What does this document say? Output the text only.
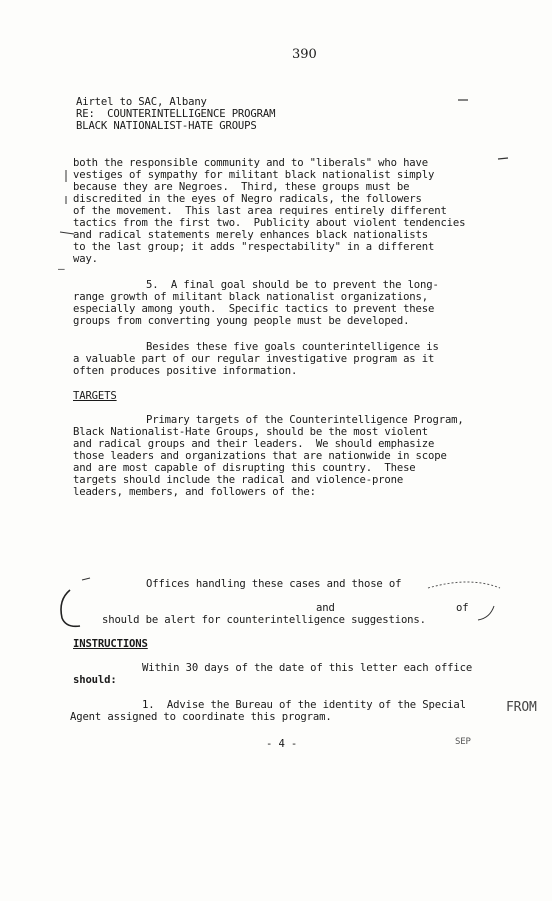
390
Airtel to SAC, Albany
RE:  COUNTERINTELLIGENCE PROGRAM
BLACK NATIONALIST-HATE GROUPS
both the responsible community and to "liberals" who have
vestiges of sympathy for militant black nationalist simply
because they are Negroes.  Third, these groups must be
discredited in the eyes of Negro radicals, the followers
of the movement.  This last area requires entirely different
tactics from the first two.  Publicity about violent tendencies
and radical statements merely enhances black nationalists
to the last group; it adds "respectability" in a different
way.
5.  A final goal should be to prevent the long-
range growth of militant black nationalist organizations,
especially among youth.  Specific tactics to prevent these
groups from converting young people must be developed.
Besides these five goals counterintelligence is
a valuable part of our regular investigative program as it
often produces positive information.
TARGETS
Primary targets of the Counterintelligence Program,
Black Nationalist-Hate Groups, should be the most violent
and radical groups and their leaders.  We should emphasize
those leaders and organizations that are nationwide in scope
and are most capable of disrupting this country.  These
targets should include the radical and violence-prone
leaders, members, and followers of the:
Offices handling these cases and those of
and	of
should be alert for counterintelligence suggestions.
INSTRUCTIONS
Within 30 days of the date of this letter each office
should:
1.  Advise the Bureau of the identity of the Special
Agent assigned to coordinate this program.
- 4 -	SEP
FROM
—
